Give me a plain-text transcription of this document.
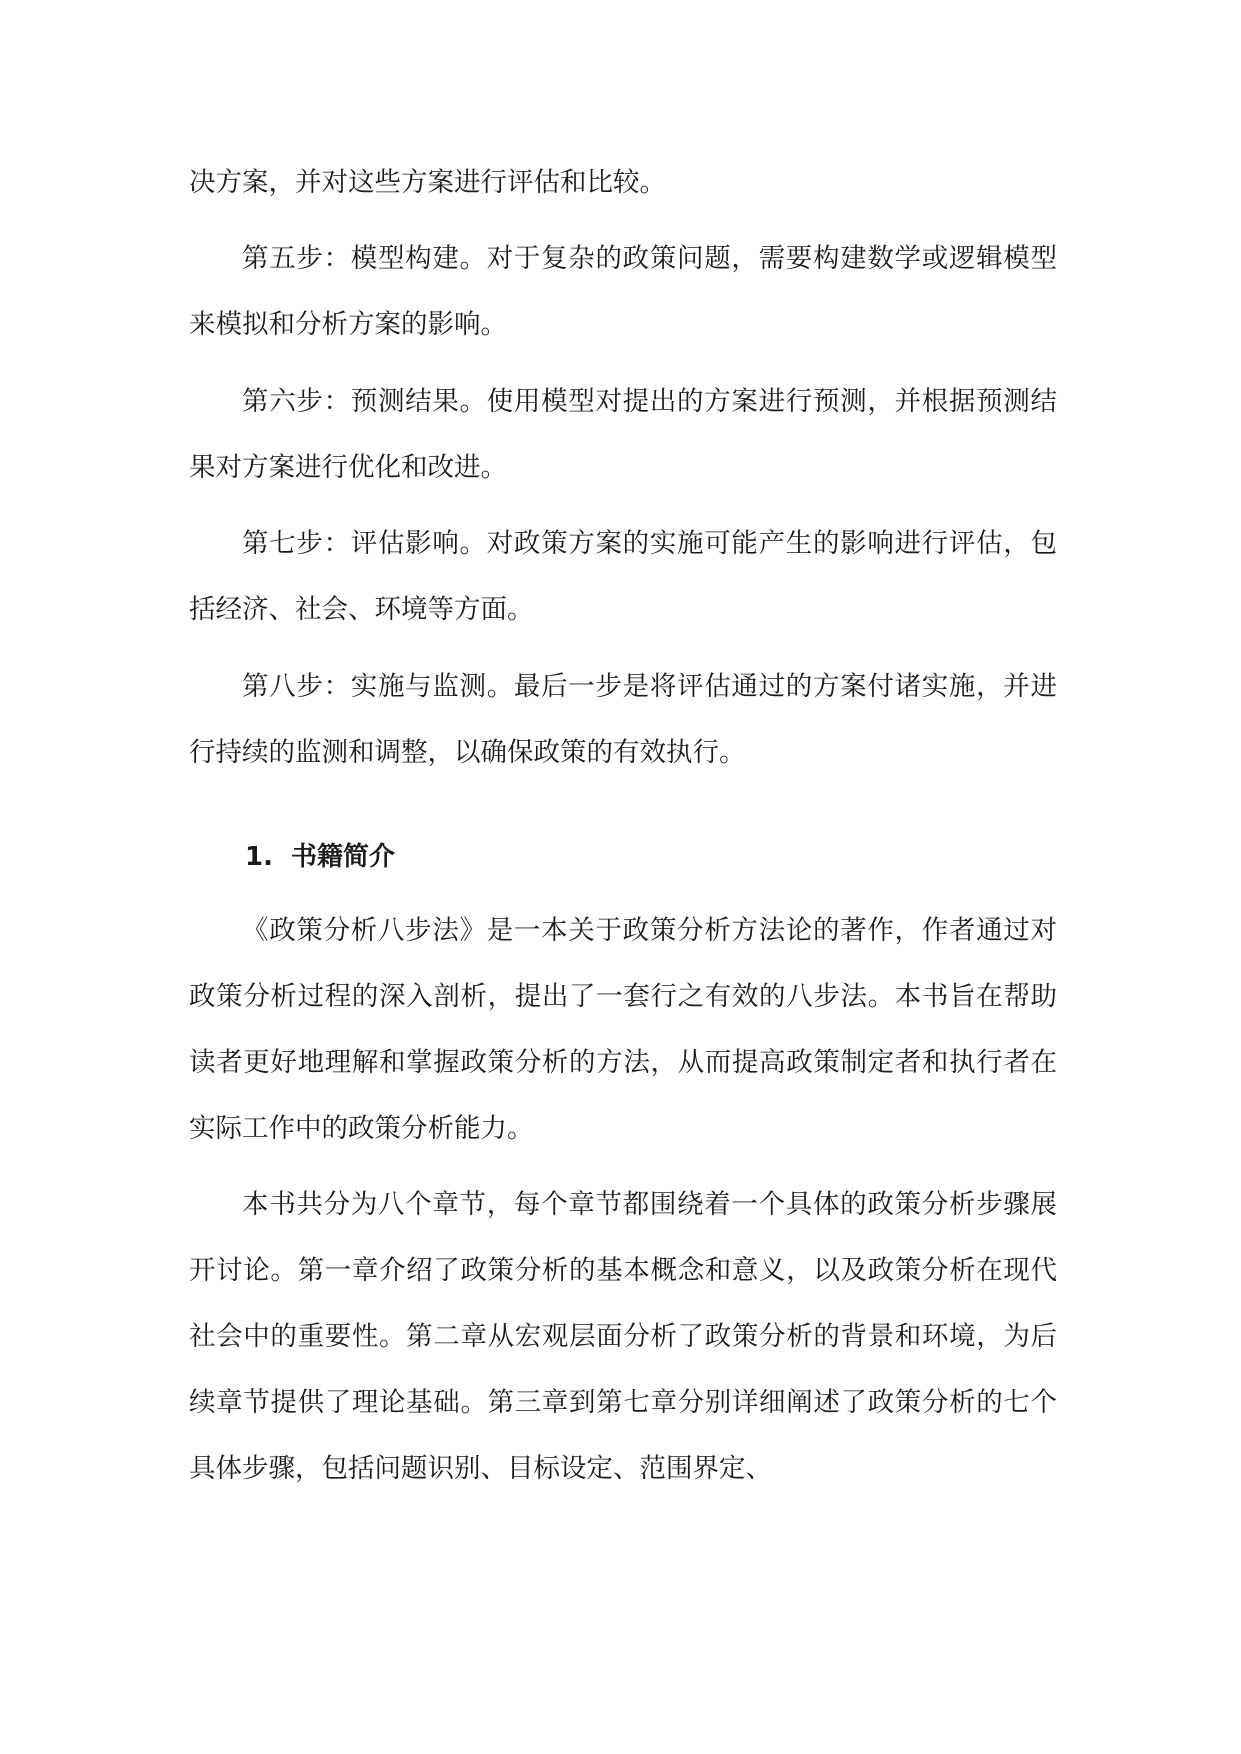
决方案，并对这些方案进行评估和比较。

第五步：模型构建。对于复杂的政策问题，需要构建数学或逻辑模型来模拟和分析方案的影响。

第六步：预测结果。使用模型对提出的方案进行预测，并根据预测结果对方案进行优化和改进。

第七步：评估影响。对政策方案的实施可能产生的影响进行评估，包括经济、社会、环境等方面。

第八步：实施与监测。最后一步是将评估通过的方案付诸实施，并进行持续的监测和调整，以确保政策的有效执行。

1. 书籍简介

《政策分析八步法》是一本关于政策分析方法论的著作，作者通过对政策分析过程的深入剖析，提出了一套行之有效的八步法。本书旨在帮助读者更好地理解和掌握政策分析的方法，从而提高政策制定者和执行者在实际工作中的政策分析能力。

本书共分为八个章节，每个章节都围绕着一个具体的政策分析步骤展开讨论。第一章介绍了政策分析的基本概念和意义，以及政策分析在现代社会中的重要性。第二章从宏观层面分析了政策分析的背景和环境，为后续章节提供了理论基础。第三章到第七章分别详细阐述了政策分析的七个具体步骤，包括问题识别、目标设定、范围界定、
